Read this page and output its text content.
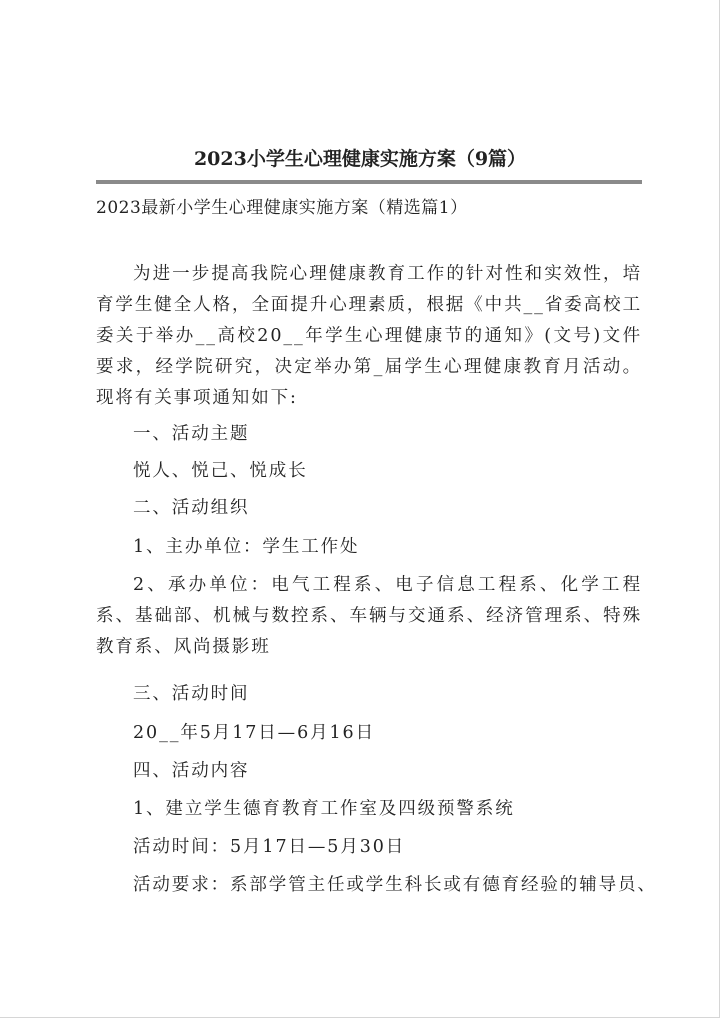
2023小学生心理健康实施方案（9篇）
2023最新小学生心理健康实施方案（精选篇1）
为进一步提高我院心理健康教育工作的针对性和实效性，培育学生健全人格，全面提升心理素质，根据《中共__省委高校工委关于举办__高校20__年学生心理健康节的通知》(文号)文件要求，经学院研究，决定举办第_届学生心理健康教育月活动。现将有关事项通知如下:
一、活动主题
悦人、悦己、悦成长
二、活动组织
1、主办单位：学生工作处
2、承办单位：电气工程系、电子信息工程系、化学工程系、基础部、机械与数控系、车辆与交通系、经济管理系、特殊教育系、风尚摄影班
三、活动时间
20__年5月17日—6月16日
四、活动内容
1、建立学生德育教育工作室及四级预警系统
活动时间：5月17日—5月30日
活动要求：系部学管主任或学生科长或有德育经验的辅导员、
